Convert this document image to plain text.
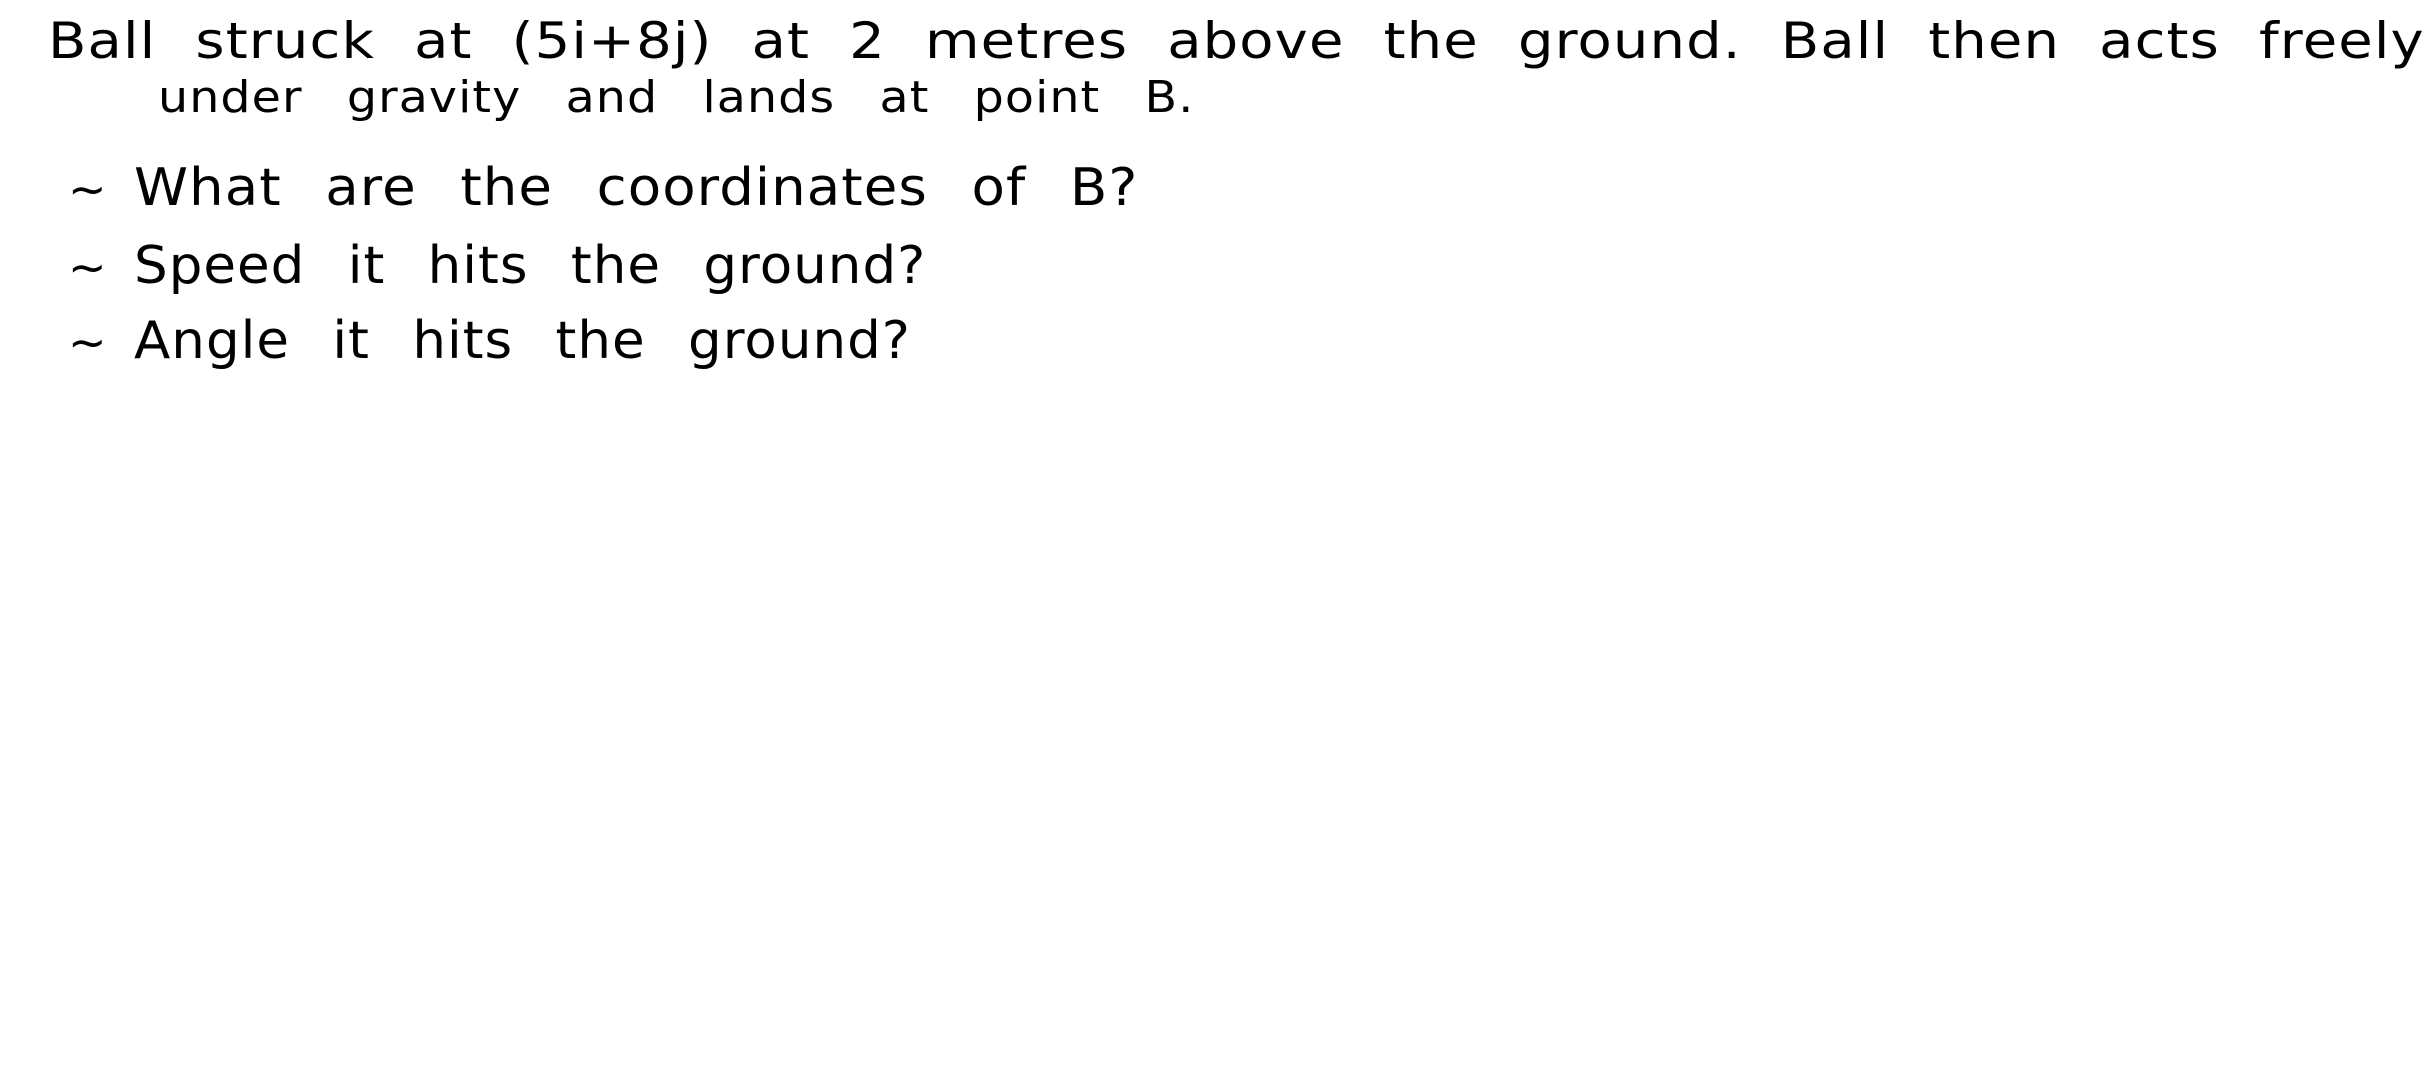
Ball struck at (5i+8j) at 2 metres above the ground. Ball then acts freely
under gravity and lands at point B.
~ What are the coordinates of B?
~ Speed it hits the ground?
~ Angle it hits the ground?
